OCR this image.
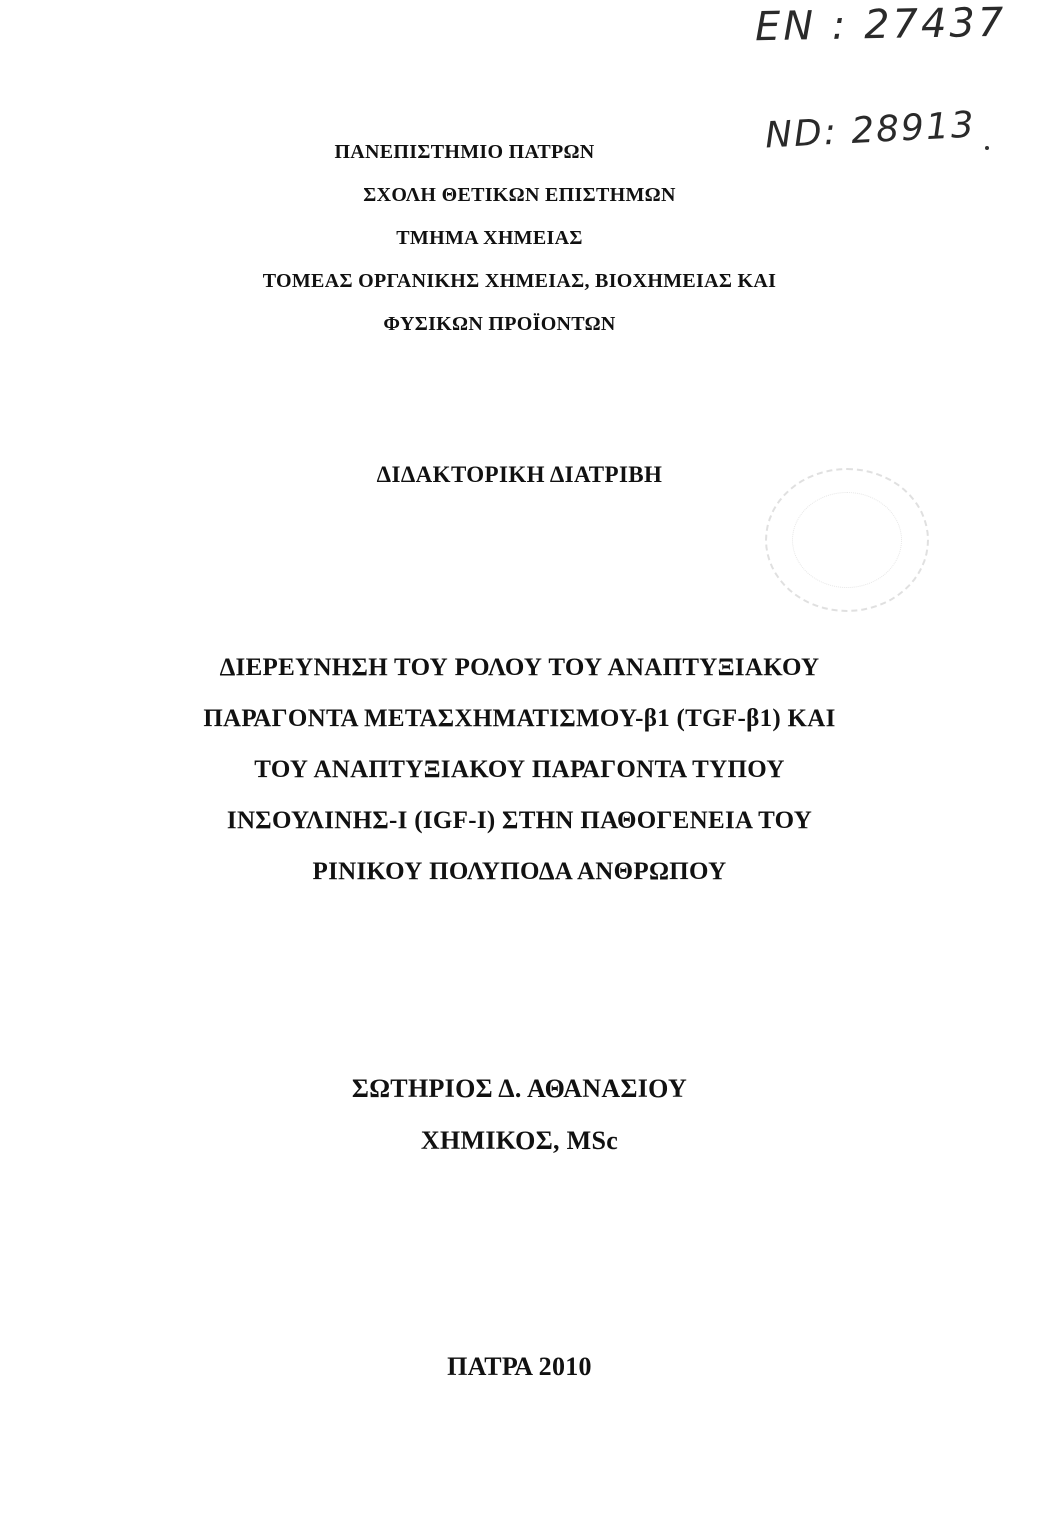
EN : 27437
ND: 28913
ΠΑΝΕΠΙΣΤΗΜΙΟ ΠΑΤΡΩΝ
ΣΧΟΛΗ ΘΕΤΙΚΩΝ ΕΠΙΣΤΗΜΩΝ
ΤΜΗΜΑ ΧΗΜΕΙΑΣ
ΤΟΜΕΑΣ ΟΡΓΑΝΙΚΗΣ ΧΗΜΕΙΑΣ, ΒΙΟΧΗΜΕΙΑΣ ΚΑΙ
ΦΥΣΙΚΩΝ ΠΡΟΪΟΝΤΩΝ
ΔΙΔΑΚΤΟΡΙΚΗ ΔΙΑΤΡΙΒΗ
ΔΙΕΡΕΥΝΗΣΗ ΤΟΥ ΡΟΛΟΥ ΤΟΥ ΑΝΑΠΤΥΞΙΑΚΟΥ
ΠΑΡΑΓΟΝΤΑ ΜΕΤΑΣΧΗΜΑΤΙΣΜΟΥ-β1 (TGF-β1) ΚΑΙ
ΤΟΥ ΑΝΑΠΤΥΞΙΑΚΟΥ ΠΑΡΑΓΟΝΤΑ ΤΥΠΟΥ
ΙΝΣΟΥΛΙΝΗΣ-Ι (IGF-I) ΣΤΗΝ ΠΑΘΟΓΕΝΕΙΑ ΤΟΥ
ΡΙΝΙΚΟΥ ΠΟΛΥΠΟΔΑ ΑΝΘΡΩΠΟΥ
ΣΩΤΗΡΙΟΣ Δ. ΑΘΑΝΑΣΙΟΥ
ΧΗΜΙΚΟΣ, MSc
ΠΑΤΡΑ 2010
